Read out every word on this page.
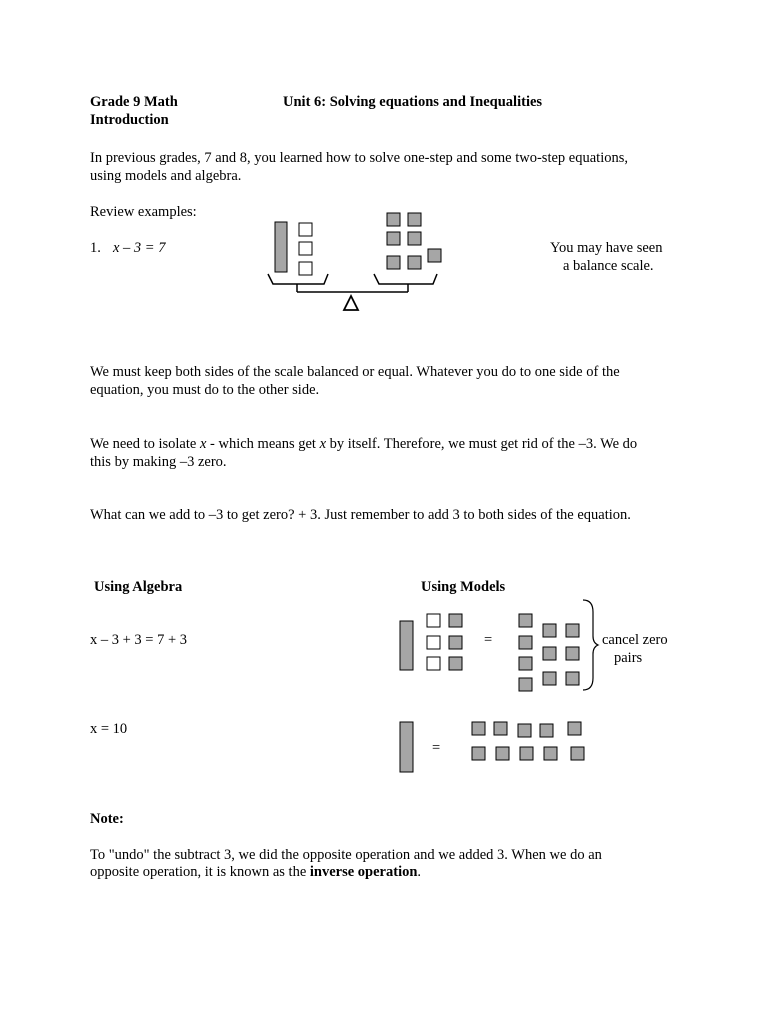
Grade 9 Math
Introduction
Unit 6: Solving equations and Inequalities
In previous grades, 7 and 8, you learned how to solve one-step and some two-step equations,
using models and algebra.
Review examples:
1. x – 3 = 7	You may have seen
a balance scale.
We must keep both sides of the scale balanced or equal. Whatever you do to one side of the
equation, you must do to the other side.
We need to isolate x - which means get x by itself. Therefore, we must get rid of the –3. We do
this by making –3 zero.
What can we add to –3 to get zero? + 3. Just remember to add 3 to both sides of the equation.
Using Algebra	Using Models
x – 3 + 3 = 7 + 3
x = 10
=
=
cancel zero
pairs
Note:
To "undo" the subtract 3, we did the opposite operation and we added 3. When we do an
opposite operation, it is known as the inverse operation.
